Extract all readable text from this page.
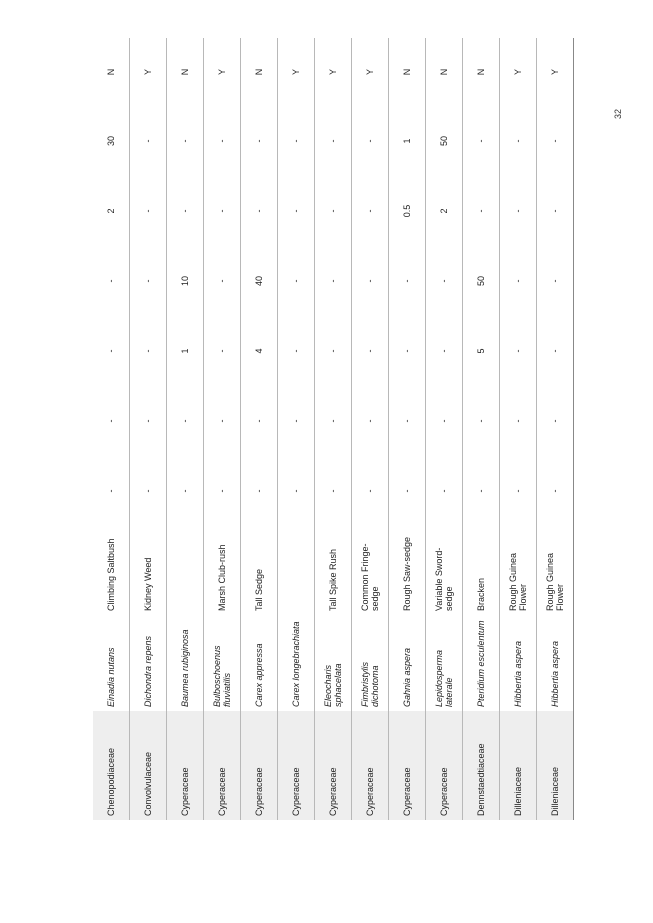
32
Chenopodiaceae	Einadia nutans	Climbing Saltbush	-	-	-	-	2	30	N
Convolvulaceae	Dichondra repens	Kidney Weed	-	-	-	-	-	-	Y
Cyperaceae	Baumea rubiginosa		-	-	1	10	-	-	N
Cyperaceae	Bulboschoenus fluviatilis	Marsh Club-rush	-	-	-	-	-	-	Y
Cyperaceae	Carex appressa	Tall Sedge	-	-	4	40	-	-	N
Cyperaceae	Carex longebrachiata		-	-	-	-	-	-	Y
Cyperaceae	Eleocharis sphacelata	Tall Spike Rush	-	-	-	-	-	-	Y
Cyperaceae	Fimbristylis dichotoma	Common Fringe-sedge	-	-	-	-	-	-	Y
Cyperaceae	Gahnia aspera	Rough Saw-sedge	-	-	-	-	0.5	1	N
Cyperaceae	Lepidosperma laterale	Variable Sword-sedge	-	-	-	-	2	50	N
Dennstaedtiaceae	Pteridium esculentum	Bracken	-	-	5	50	-	-	N
Dilleniaceae	Hibbertia aspera	Rough Guinea Flower	-	-	-	-	-	-	Y
Dilleniaceae	Hibbertia aspera	Rough Guinea Flower	-	-	-	-	-	-	Y
